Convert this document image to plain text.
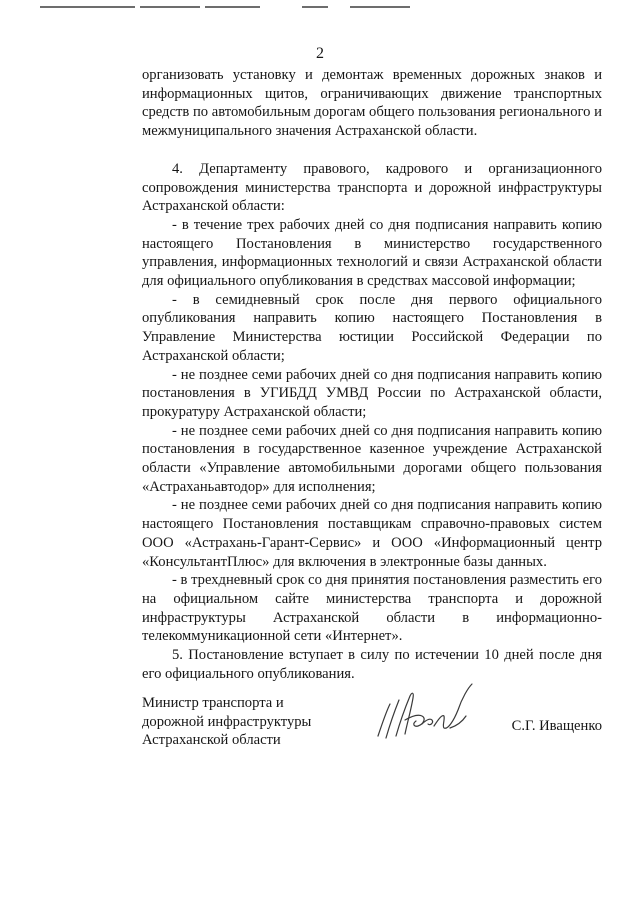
2

организовать установку и демонтаж временных дорожных знаков и информационных щитов, ограничивающих движение транспортных средств по автомобильным дорогам общего пользования регионального и межмуниципального значения Астраханской области.

4. Департаменту правового, кадрового и организационного сопровождения министерства транспорта и дорожной инфраструктуры Астраханской области:

- в течение трех рабочих дней со дня подписания направить копию настоящего Постановления в министерство государственного управления, информационных технологий и связи Астраханской области для официального опубликования в средствах массовой информации;

- в семидневный срок после дня первого официального опубликования направить копию настоящего Постановления в Управление Министерства юстиции Российской Федерации по Астраханской области;

- не позднее семи рабочих дней со дня подписания направить копию постановления в УГИБДД УМВД России по Астраханской области, прокуратуру Астраханской области;

- не позднее семи рабочих дней со дня подписания направить копию постановления в государственное казенное учреждение Астраханской области «Управление автомобильными дорогами общего пользования «Астраханьавтодор» для исполнения;

- не позднее семи рабочих дней со дня подписания направить копию настоящего Постановления поставщикам справочно-правовых систем ООО «Астрахань-Гарант-Сервис» и ООО «Информационный центр «КонсультантПлюс» для включения в электронные базы данных.

- в трехдневный срок со дня принятия постановления разместить его на официальном сайте министерства транспорта и дорожной инфраструктуры Астраханской области в информационно-телекоммуникационной сети «Интернет».

5. Постановление вступает в силу по истечении 10 дней после дня его официального опубликования.

Министр транспорта и
дорожной инфраструктуры
Астраханской области
С.Г. Иващенко
